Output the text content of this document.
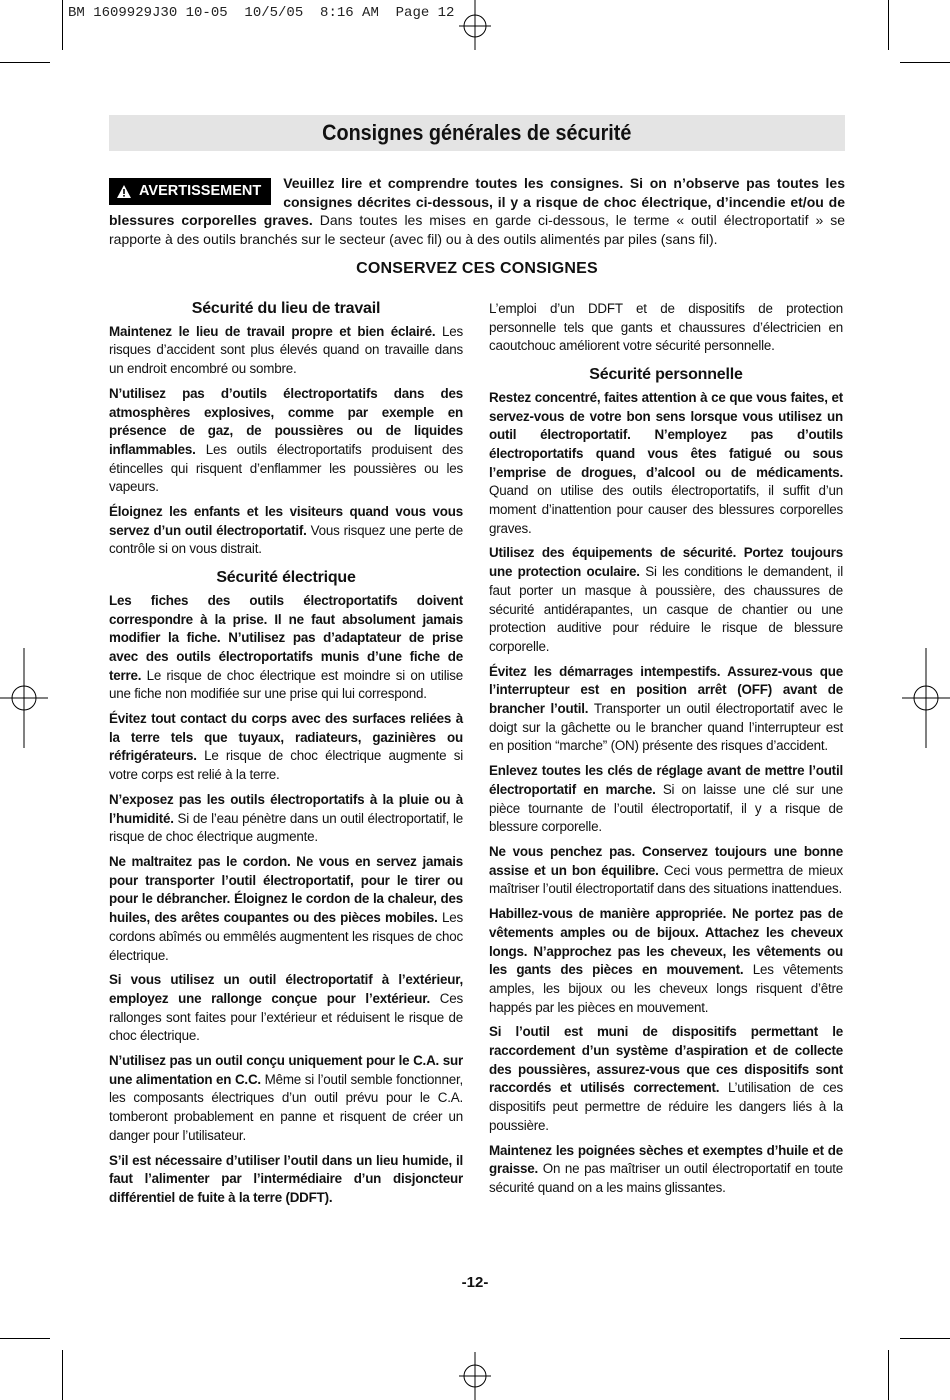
BM 1609929J30 10-05  10/5/05  8:16 AM  Page 12
Consignes générales de sécurité
AVERTISSEMENT Veuillez lire et comprendre toutes les consignes. Si on n’observe pas toutes les consignes décrites ci-dessous, il y a risque de choc électrique, d’incendie et/ou de blessures corporelles graves. Dans toutes les mises en garde ci-dessous, le terme « outil électroportatif » se rapporte à des outils branchés sur le secteur (avec fil) ou à des outils alimentés par piles (sans fil).
CONSERVEZ CES CONSIGNES
Sécurité du lieu de travail

Maintenez le lieu de travail propre et bien éclairé. Les risques d’accident sont plus élevés quand on travaille dans un endroit encombré ou sombre.

N’utilisez pas d’outils électroportatifs dans des atmosphères explosives, comme par exemple en présence de gaz, de poussières ou de liquides inflammables. Les outils électroportatifs produisent des étincelles qui risquent d’enflammer les poussières ou les vapeurs.

Éloignez les enfants et les visiteurs quand vous vous servez d’un outil électroportatif. Vous risquez une perte de contrôle si on vous distrait.

Sécurité électrique

Les fiches des outils électroportatifs doivent correspondre à la prise. Il ne faut absolument jamais modifier la fiche. N’utilisez pas d’adaptateur de prise avec des outils électroportatifs munis d’une fiche de terre. Le risque de choc électrique est moindre si on utilise une fiche non modifiée sur une prise qui lui correspond.

Évitez tout contact du corps avec des surfaces reliées à la terre tels que tuyaux, radiateurs, gazinières ou réfrigérateurs. Le risque de choc électrique augmente si votre corps est relié à la terre.

N’exposez pas les outils électroportatifs à la pluie ou à l’humidité. Si de l’eau pénètre dans un outil électroportatif, le risque de choc électrique augmente.

Ne maltraitez pas le cordon. Ne vous en servez jamais pour transporter l’outil électroportatif, pour le tirer ou pour le débrancher. Éloignez le cordon de la chaleur, des huiles, des arêtes coupantes ou des pièces mobiles. Les cordons abîmés ou emmêlés augmentent les risques de choc électrique.

Si vous utilisez un outil électroportatif à l’extérieur, employez une rallonge conçue pour l’extérieur. Ces rallonges sont faites pour l’extérieur et réduisent le risque de choc électrique.

N’utilisez pas un outil conçu uniquement pour le C.A. sur une alimentation en C.C. Même si l’outil semble fonctionner, les composants électriques d’un outil prévu pour le C.A. tomberont probablement en panne et risquent de créer un danger pour l’utilisateur.

S’il est nécessaire d’utiliser l’outil dans un lieu humide, il faut l’alimenter par l’intermédiaire d’un disjoncteur différentiel de fuite à la terre (DDFT).

L’emploi d’un DDFT et de dispositifs de protection personnelle tels que gants et chaussures d’électricien en caoutchouc améliorent votre sécurité personnelle.

Sécurité personnelle

Restez concentré, faites attention à ce que vous faites, et servez-vous de votre bon sens lorsque vous utilisez un outil électroportatif. N’employez pas d’outils électroportatifs quand vous êtes fatigué ou sous l’emprise de drogues, d’alcool ou de médicaments. Quand on utilise des outils électroportatifs, il suffit d’un moment d’inattention pour causer des blessures corporelles graves.

Utilisez des équipements de sécurité. Portez toujours une protection oculaire. Si les conditions le demandent, il faut porter un masque à poussière, des chaussures de sécurité antidérapantes, un casque de chantier ou une protection auditive pour réduire le risque de blessure corporelle.

Évitez les démarrages intempestifs. Assurez-vous que l’interrupteur est en position arrêt (OFF) avant de brancher l’outil. Transporter un outil électroportatif avec le doigt sur la gâchette ou le brancher quand l’interrupteur est en position “marche” (ON) présente des risques d’accident.

Enlevez toutes les clés de réglage avant de mettre l’outil électroportatif en marche. Si on laisse une clé sur une pièce tournante de l’outil électroportatif, il y a risque de blessure corporelle.

Ne vous penchez pas. Conservez toujours une bonne assise et un bon équilibre. Ceci vous permettra de mieux maîtriser l’outil électroportatif dans des situations inattendues.

Habillez-vous de manière appropriée. Ne portez pas de vêtements amples ou de bijoux. Attachez les cheveux longs. N’approchez pas les cheveux, les vêtements ou les gants des pièces en mouvement. Les vêtements amples, les bijoux ou les cheveux longs risquent d’être happés par les pièces en mouvement.

Si l’outil est muni de dispositifs permettant le raccordement d’un système d’aspiration et de collecte des poussières, assurez-vous que ces dispositifs sont raccordés et utilisés correctement. L’utilisation de ces dispositifs peut permettre de réduire les dangers liés à la poussière.

Maintenez les poignées sèches et exemptes d’huile et de graisse. On ne pas maîtriser un outil électroportatif en toute sécurité quand on a les mains glissantes.

-12-
